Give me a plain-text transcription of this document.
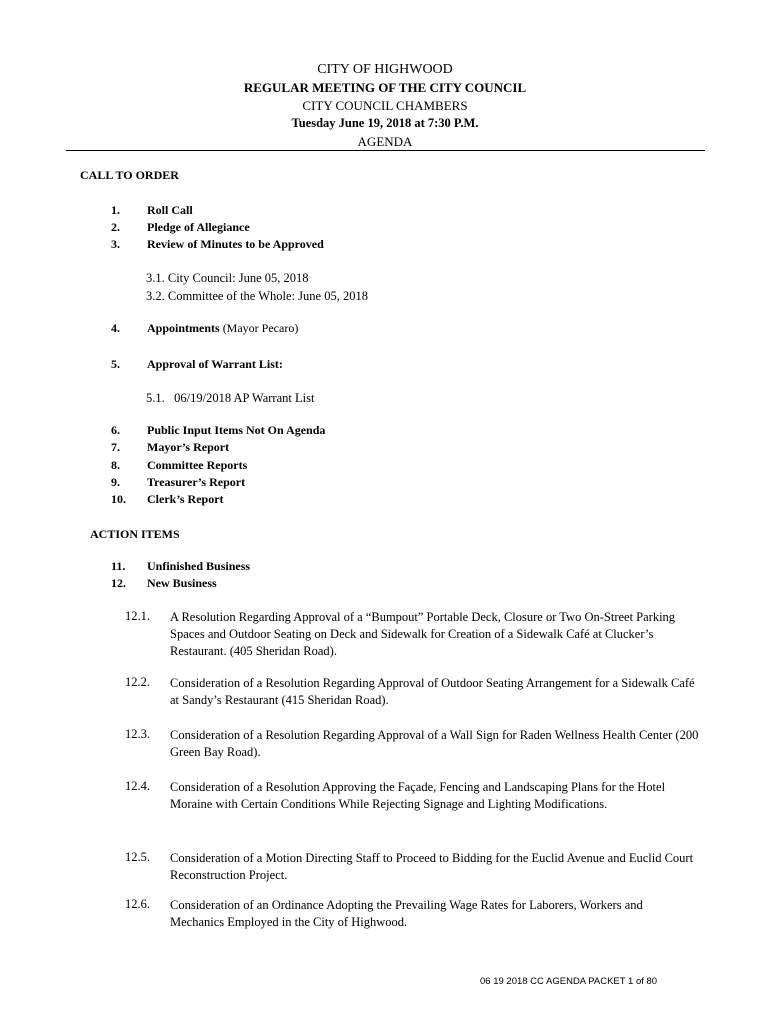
CITY OF HIGHWOOD
REGULAR MEETING OF THE CITY COUNCIL
CITY COUNCIL CHAMBERS
Tuesday June 19, 2018 at 7:30 P.M.
AGENDA
CALL TO ORDER
1.	Roll Call
2.	Pledge of Allegiance
3.	Review of Minutes to be Approved
3.1. City Council: June 05, 2018
3.2. Committee of the Whole: June 05, 2018
4.	Appointments (Mayor Pecaro)
5.	Approval of Warrant List:
5.1.   06/19/2018 AP Warrant List
6.	Public Input Items Not On Agenda
7.	Mayor’s Report
8.	Committee Reports
9.	Treasurer’s Report
10.	Clerk’s Report
ACTION ITEMS
11.	Unfinished Business
12.	New Business
12.1. A Resolution Regarding Approval of a “Bumpout” Portable Deck, Closure or Two On-Street Parking Spaces and Outdoor Seating on Deck and Sidewalk for Creation of a Sidewalk Café at Clucker’s Restaurant. (405 Sheridan Road).
12.2. Consideration of a Resolution Regarding Approval of Outdoor Seating Arrangement for a Sidewalk Café at Sandy’s Restaurant (415 Sheridan Road).
12.3. Consideration of a Resolution Regarding Approval of a Wall Sign for Raden Wellness Health Center (200 Green Bay Road).
12.4. Consideration of a Resolution Approving the Façade, Fencing and Landscaping Plans for the Hotel Moraine with Certain Conditions While Rejecting Signage and Lighting Modifications.
12.5. Consideration of a Motion Directing Staff to Proceed to Bidding for the Euclid Avenue and Euclid Court Reconstruction Project.
12.6. Consideration of an Ordinance Adopting the Prevailing Wage Rates for Laborers, Workers and Mechanics Employed in the City of Highwood.
06 19 2018 CC AGENDA PACKET 1 of 80
